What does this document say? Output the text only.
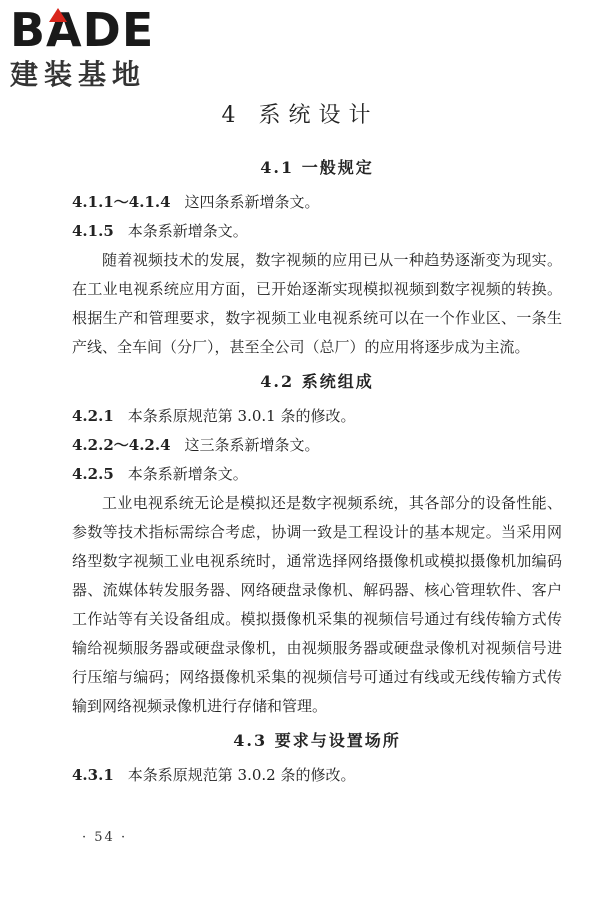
BADE
建装基地
4 系统设计
4.1 一般规定
4.1.1～4.1.4 这四条系新增条文。
4.1.5 本条系新增条文。
随着视频技术的发展，数字视频的应用已从一种趋势逐渐变为现实。在工业电视系统应用方面，已开始逐渐实现模拟视频到数字视频的转换。根据生产和管理要求，数字视频工业电视系统可以在一个作业区、一条生产线、全车间（分厂），甚至全公司（总厂）的应用将逐步成为主流。
4.2 系统组成
4.2.1 本条系原规范第 3.0.1 条的修改。
4.2.2～4.2.4 这三条系新增条文。
4.2.5 本条系新增条文。
工业电视系统无论是模拟还是数字视频系统，其各部分的设备性能、参数等技术指标需综合考虑，协调一致是工程设计的基本规定。当采用网络型数字视频工业电视系统时，通常选择网络摄像机或模拟摄像机加编码器、流媒体转发服务器、网络硬盘录像机、解码器、核心管理软件、客户工作站等有关设备组成。模拟摄像机采集的视频信号通过有线传输方式传输给视频服务器或硬盘录像机，由视频服务器或硬盘录像机对视频信号进行压缩与编码；网络摄像机采集的视频信号可通过有线或无线传输方式传输到网络视频录像机进行存储和管理。
4.3 要求与设置场所
4.3.1 本条系原规范第 3.0.2 条的修改。
· 54 ·
